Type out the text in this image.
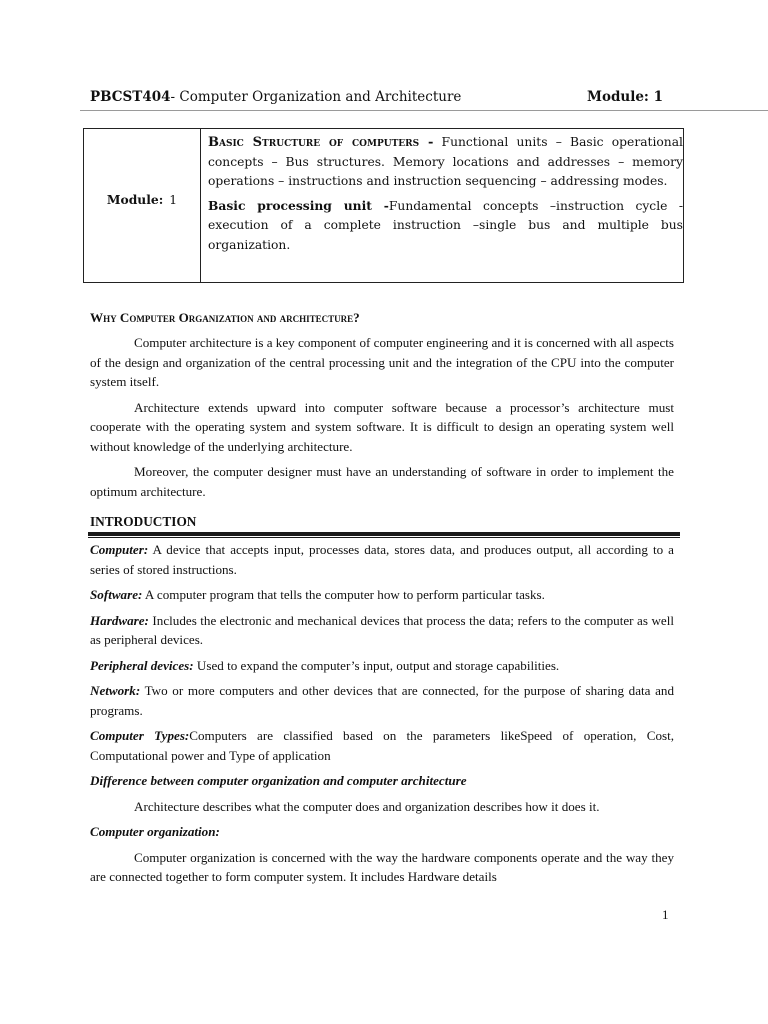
PBCST404- Computer Organization and Architecture	Module: 1
Module: 1

Basic Structure of computers - Functional units – Basic operational concepts – Bus structures. Memory locations and addresses – memory operations – instructions and instruction sequencing – addressing modes.

Basic processing unit -Fundamental concepts –instruction cycle - execution of a complete instruction –single bus and multiple bus organization.

Why Computer Organization and architecture?

Computer architecture is a key component of computer engineering and it is concerned with all aspects of the design and organization of the central processing unit and the integration of the CPU into the computer system itself.

Architecture extends upward into computer software because a processor’s architecture must cooperate with the operating system and system software. It is difficult to design an operating system well without knowledge of the underlying architecture.

Moreover, the computer designer must have an understanding of software in order to implement the optimum architecture.

INTRODUCTION

Computer: A device that accepts input, processes data, stores data, and produces output, all according to a series of stored instructions.

Software: A computer program that tells the computer how to perform particular tasks.

Hardware: Includes the electronic and mechanical devices that process the data; refers to the computer as well as peripheral devices.

Peripheral devices: Used to expand the computer’s input, output and storage capabilities.

Network: Two or more computers and other devices that are connected, for the purpose of sharing data and programs.

Computer Types:Computers are classified based on the parameters likeSpeed of operation, Cost, Computational power and Type of application

Difference between computer organization and computer architecture

Architecture describes what the computer does and organization describes how it does it.

Computer organization:

Computer organization is concerned with the way the hardware components operate and the way they are connected together to form computer system. It includes Hardware details

1
